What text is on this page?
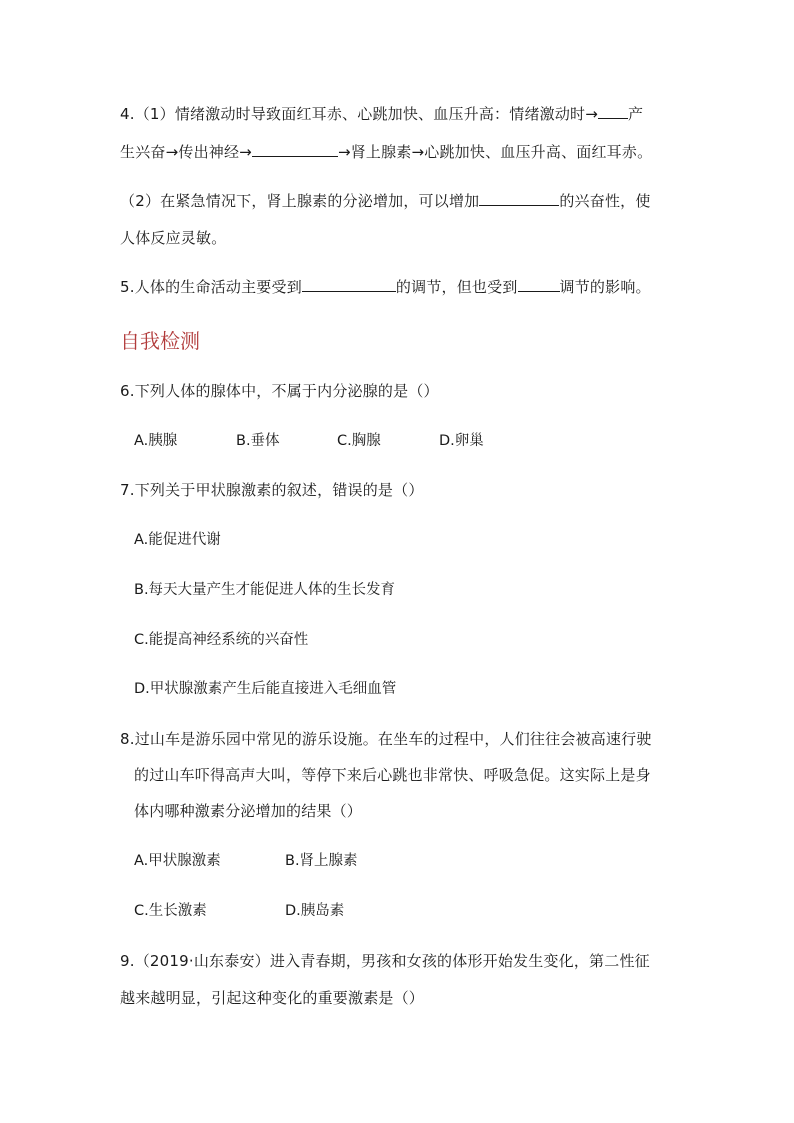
4.（1）情绪激动时导致面红耳赤、心跳加快、血压升高：情绪激动时→ 产
生兴奋→传出神经→	→肾上腺素→心跳加快、血压升高、面红耳赤。
（2）在紧急情况下，肾上腺素的分泌增加，可以增加	的兴奋性，使
人体反应灵敏。
5.人体的生命活动主要受到	的调节，但也受到	调节的影响。
自我检测
6.下列人体的腺体中，不属于内分泌腺的是（）
A.胰腺	B.垂体	C.胸腺	D.卵巢
7.下列关于甲状腺激素的叙述，错误的是（）
A.能促进代谢
B.每天大量产生才能促进人体的生长发育
C.能提高神经系统的兴奋性
D.甲状腺激素产生后能直接进入毛细血管
8.过山车是游乐园中常见的游乐设施。在坐车的过程中，人们往往会被高速行驶
的过山车吓得高声大叫，等停下来后心跳也非常快、呼吸急促。这实际上是身
体内哪种激素分泌增加的结果（）
A.甲状腺激素	B.肾上腺素
C.生长激素	D.胰岛素
9.（2019·山东泰安）进入青春期，男孩和女孩的体形开始发生变化，第二性征
越来越明显，引起这种变化的重要激素是（）
